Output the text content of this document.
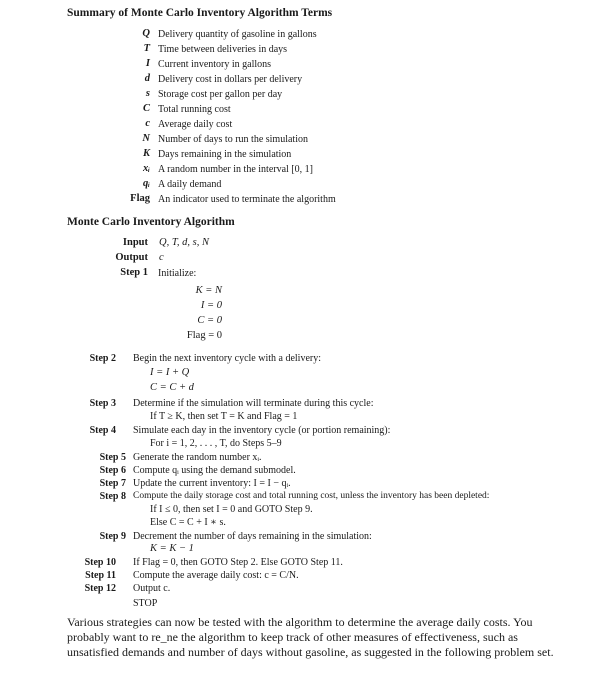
Summary of Monte Carlo Inventory Algorithm Terms
Q Delivery quantity of gasoline in gallons
T Time between deliveries in days
I Current inventory in gallons
d Delivery cost in dollars per delivery
s Storage cost per gallon per day
C Total running cost
c Average daily cost
N Number of days to run the simulation
K Days remaining in the simulation
xᵢ A random number in the interval [0, 1]
qᵢ A daily demand
Flag An indicator used to terminate the algorithm
Monte Carlo Inventory Algorithm
Input Q, T, d, s, N
Output c
Step 1 Initialize:
K = N
I = 0
C = 0
Flag = 0
Step 2 Begin the next inventory cycle with a delivery:
I = I + Q
C = C + d
Step 3 Determine if the simulation will terminate during this cycle:
If T ≥ K, then set T = K and Flag = 1
Step 4 Simulate each day in the inventory cycle (or portion remaining):
For i = 1, 2, . . . , T, do Steps 5–9
Step 5 Generate the random number xᵢ.
Step 6 Compute qᵢ using the demand submodel.
Step 7 Update the current inventory: I = I − qᵢ.
Step 8 Compute the daily storage cost and total running cost, unless the inventory has been depleted:
If I ≤ 0, then set I = 0 and GOTO Step 9.
Else C = C + I ∗ s.
Step 9 Decrement the number of days remaining in the simulation:
K = K − 1
Step 10 If Flag = 0, then GOTO Step 2. Else GOTO Step 11.
Step 11 Compute the average daily cost: c = C/N.
Step 12 Output c.
STOP
Various strategies can now be tested with the algorithm to determine the average daily costs. You probably want to re_ne the algorithm to keep track of other measures of effectiveness, such as unsatisfied demands and number of days without gasoline, as suggested in the following problem set.
